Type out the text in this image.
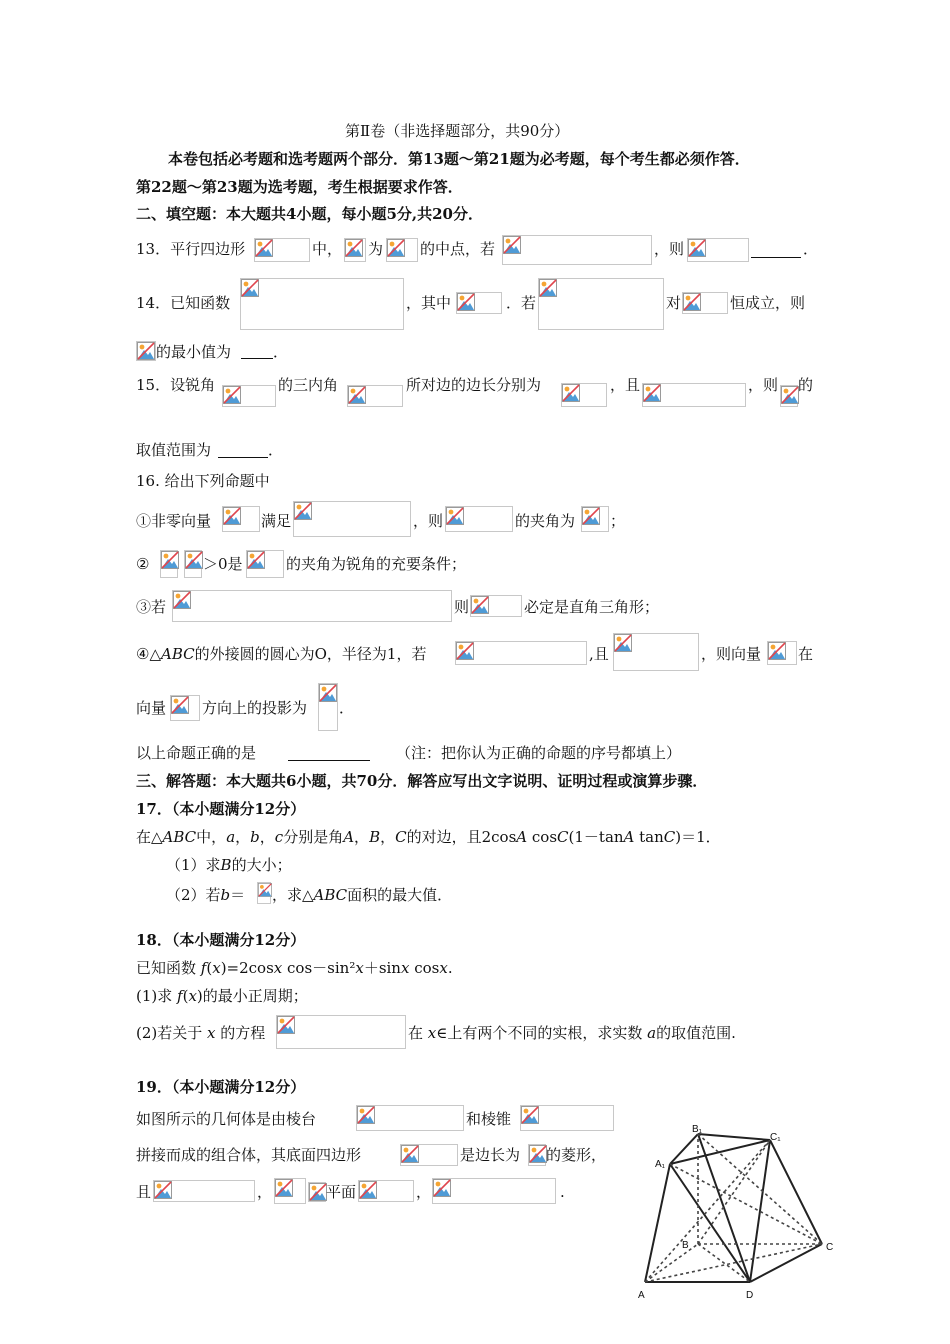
第Ⅱ卷（非选择题部分，共90分）
本卷包括必考题和选考题两个部分．第13题～第21题为必考题，每个考生都必须作答．
第22题～第23题为选考题，考生根据要求作答．
二、填空题：本大题共4小题，每小题5分,共20分．
13．平行四边形	中， 为 的中点，若	，则	．
14．已知函数	，其中	．若	对	恒成立，则
的最小值为	．
15．设锐角	的三内角	所对边的边长分别为	，且	，则 的
取值范围为	．
16. 给出下列命题中
①非零向量	满足	，则	的夹角为 ；
②	＞0是	的夹角为锐角的充要条件；
③若	则	必定是直角三角形；
④△ABC的外接圆的圆心为O，半径为1，若	,且	，则向量 在
向量 方向上的投影为 ．
以上命题正确的是	（注：把你认为正确的命题的序号都填上）
三、解答题：本大题共6小题，共70分．解答应写出文字说明、证明过程或演算步骤．
17．（本小题满分12分）
在△ABC中，a，b，c分别是角A，B，C的对边，且2cosA cosC(1－tanA tanC)＝1．
（1）求B的大小；
（2）若b＝ ，求△ABC面积的最大值．
18．（本小题满分12分）
已知函数 f(x)=2cosx cos－sin²x＋sinx cosx.
(1)求 f(x)的最小正周期；
(2)若关于 x 的方程	在 x∈上有两个不同的实根，求实数 a的取值范围.
19．（本小题满分12分）
如图所示的几何体是由棱台	和棱锥
拼接而成的组合体，其底面四边形	是边长为 的菱形，
且	，	平面	，	.
A	D
C
B
A₁
B₁
C₁
